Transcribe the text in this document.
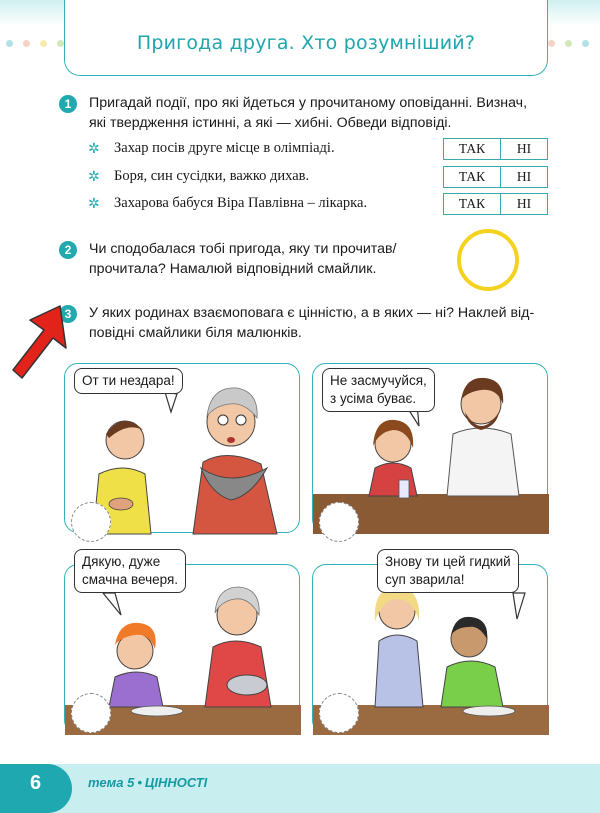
Пригода друга. Хто розумніший?
1	Пригадай події, про які йдеться у прочитаному оповіданні. Визнач,
які твердження істинні, а які — хибні. Обведи відповіді.
✲ Захар посів друге місце в олімпіаді.	ТАК	НІ
✲ Боря, син сусідки, важко дихав.	ТАК	НІ
✲ Захарова бабуся Віра Павлівна – лікарка.	ТАК	НІ
2	Чи сподобалася тобі пригода, яку ти прочитав/
прочитала? Намалюй відповідний смайлик.
3	У яких родинах взаємоповага є цінністю, а в яких — ні? Наклей від-
повідні смайлики біля малюнків.
От ти нездара!	Не засмучуйся,
з усіма буває.
Дякую, дуже
смачна вечеря.
Знову ти цей гидкий
суп зварила!
6	тема 5 • ЦІННОСТІ
